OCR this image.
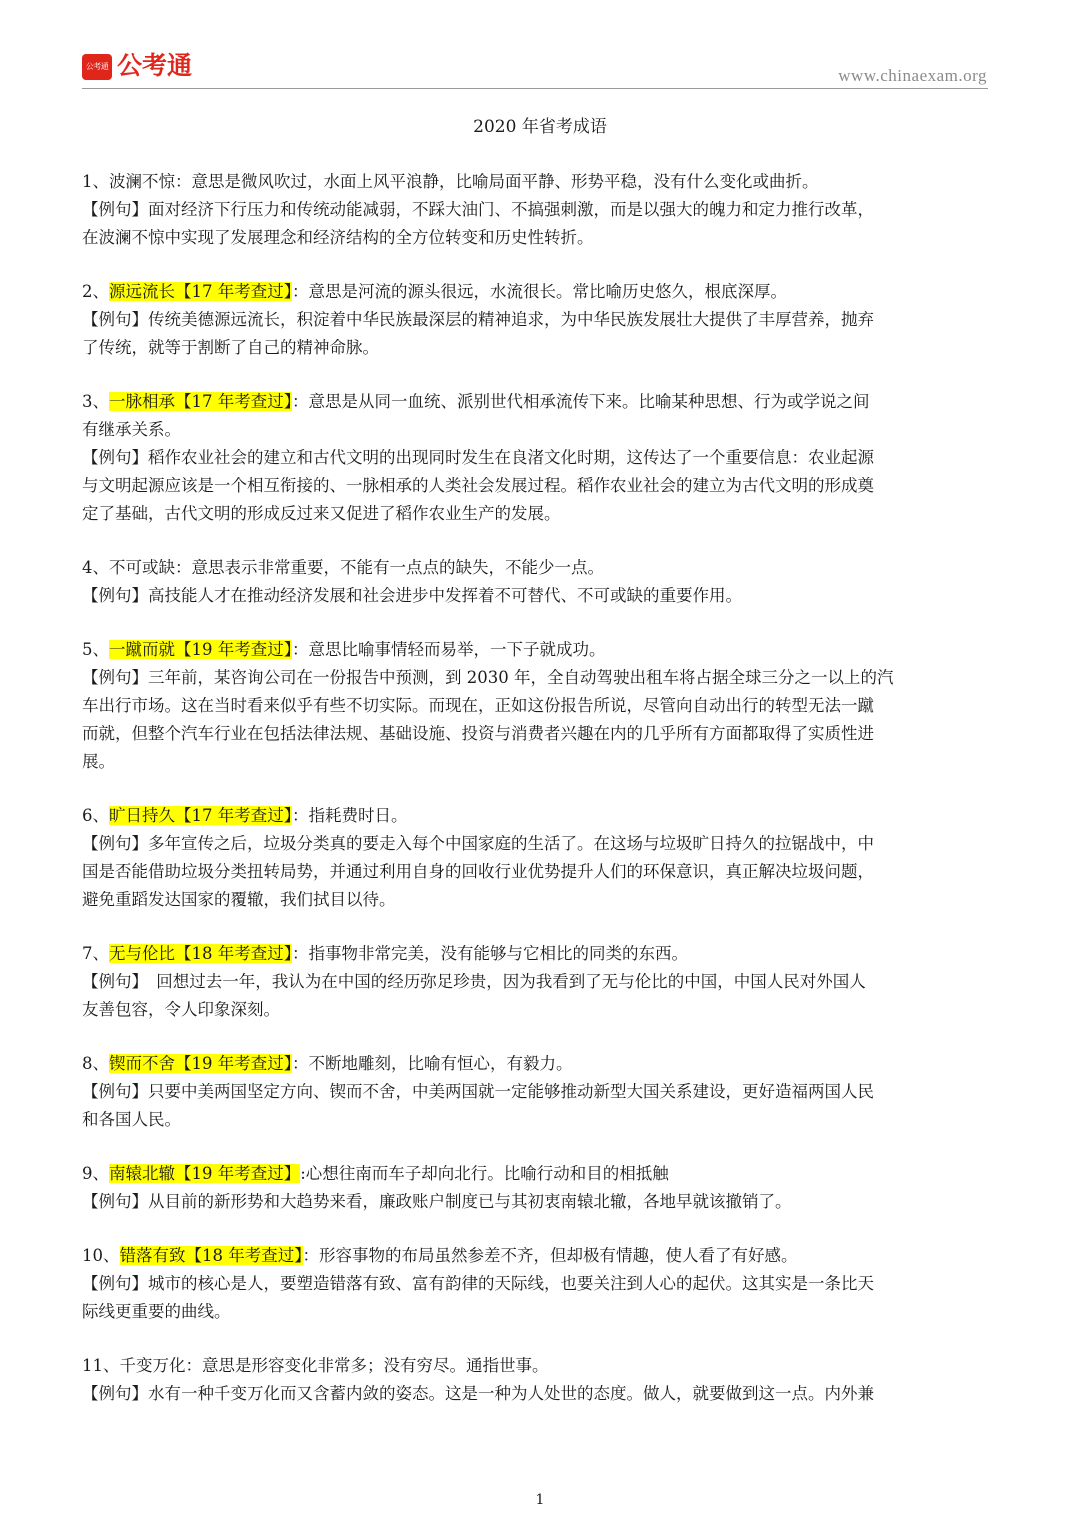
公考通 公考通	www.chinaexam.org
2020 年省考成语
1、波澜不惊：意思是微风吹过，水面上风平浪静，比喻局面平静、形势平稳，没有什么变化或曲折。
【例句】面对经济下行压力和传统动能减弱，不踩大油门、不搞强刺激，而是以强大的魄力和定力推行改革，
在波澜不惊中实现了发展理念和经济结构的全方位转变和历史性转折。
2、源远流长【17 年考查过】：意思是河流的源头很远，水流很长。常比喻历史悠久，根底深厚。
【例句】传统美德源远流长，积淀着中华民族最深层的精神追求，为中华民族发展壮大提供了丰厚营养，抛弃
了传统，就等于割断了自己的精神命脉。
3、一脉相承【17 年考查过】：意思是从同一血统、派别世代相承流传下来。比喻某种思想、行为或学说之间
有继承关系。
【例句】稻作农业社会的建立和古代文明的出现同时发生在良渚文化时期，这传达了一个重要信息：农业起源
与文明起源应该是一个相互衔接的、一脉相承的人类社会发展过程。稻作农业社会的建立为古代文明的形成奠
定了基础，古代文明的形成反过来又促进了稻作农业生产的发展。
4、不可或缺：意思表示非常重要，不能有一点点的缺失，不能少一点。
【例句】高技能人才在推动经济发展和社会进步中发挥着不可替代、不可或缺的重要作用。
5、一蹴而就【19 年考查过】：意思比喻事情轻而易举，一下子就成功。
【例句】三年前，某咨询公司在一份报告中预测，到 2030 年，全自动驾驶出租车将占据全球三分之一以上的汽
车出行市场。这在当时看来似乎有些不切实际。而现在，正如这份报告所说，尽管向自动出行的转型无法一蹴
而就，但整个汽车行业在包括法律法规、基础设施、投资与消费者兴趣在内的几乎所有方面都取得了实质性进
展。
6、旷日持久【17 年考查过】：指耗费时日。
【例句】多年宣传之后，垃圾分类真的要走入每个中国家庭的生活了。在这场与垃圾旷日持久的拉锯战中，中
国是否能借助垃圾分类扭转局势，并通过利用自身的回收行业优势提升人们的环保意识，真正解决垃圾问题，
避免重蹈发达国家的覆辙，我们拭目以待。
7、无与伦比【18 年考查过】：指事物非常完美，没有能够与它相比的同类的东西。
【例句】　回想过去一年，我认为在中国的经历弥足珍贵，因为我看到了无与伦比的中国，中国人民对外国人
友善包容，令人印象深刻。
8、锲而不舍【19 年考查过】：不断地雕刻，比喻有恒心，有毅力。
【例句】只要中美两国坚定方向、锲而不舍，中美两国就一定能够推动新型大国关系建设，更好造福两国人民
和各国人民。
9、南辕北辙【19 年考查过】:心想往南而车子却向北行。比喻行动和目的相抵触
【例句】从目前的新形势和大趋势来看，廉政账户制度已与其初衷南辕北辙，各地早就该撤销了。
10、错落有致【18 年考查过】：形容事物的布局虽然参差不齐，但却极有情趣，使人看了有好感。
【例句】城市的核心是人，要塑造错落有致、富有韵律的天际线，也要关注到人心的起伏。这其实是一条比天
际线更重要的曲线。
11、千变万化：意思是形容变化非常多；没有穷尽。通指世事。
【例句】水有一种千变万化而又含蓄内敛的姿态。这是一种为人处世的态度。做人，就要做到这一点。内外兼
1
